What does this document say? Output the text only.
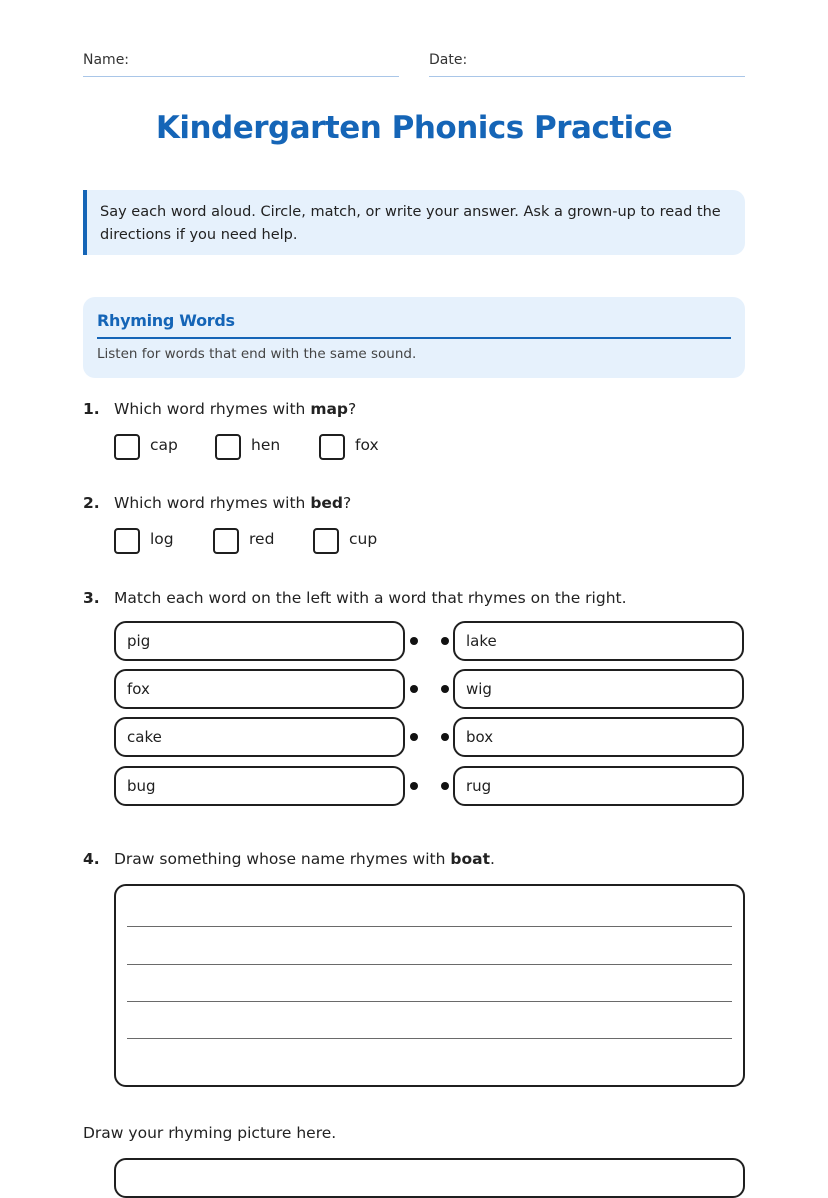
Name:	Date:
Kindergarten Phonics Practice
Say each word aloud. Circle, match, or write your answer. Ask a grown-up to read the directions if you need help.
Rhyming Words
Listen for words that end with the same sound.
1. Which word rhymes with map?
cap	hen	fox
2. Which word rhymes with bed?
log	red	cup
3. Match each word on the left with a word that rhymes on the right.
pig	lake
fox	wig
cake	box
bug	rug
4. Draw something whose name rhymes with boat.
Draw your rhyming picture here.
